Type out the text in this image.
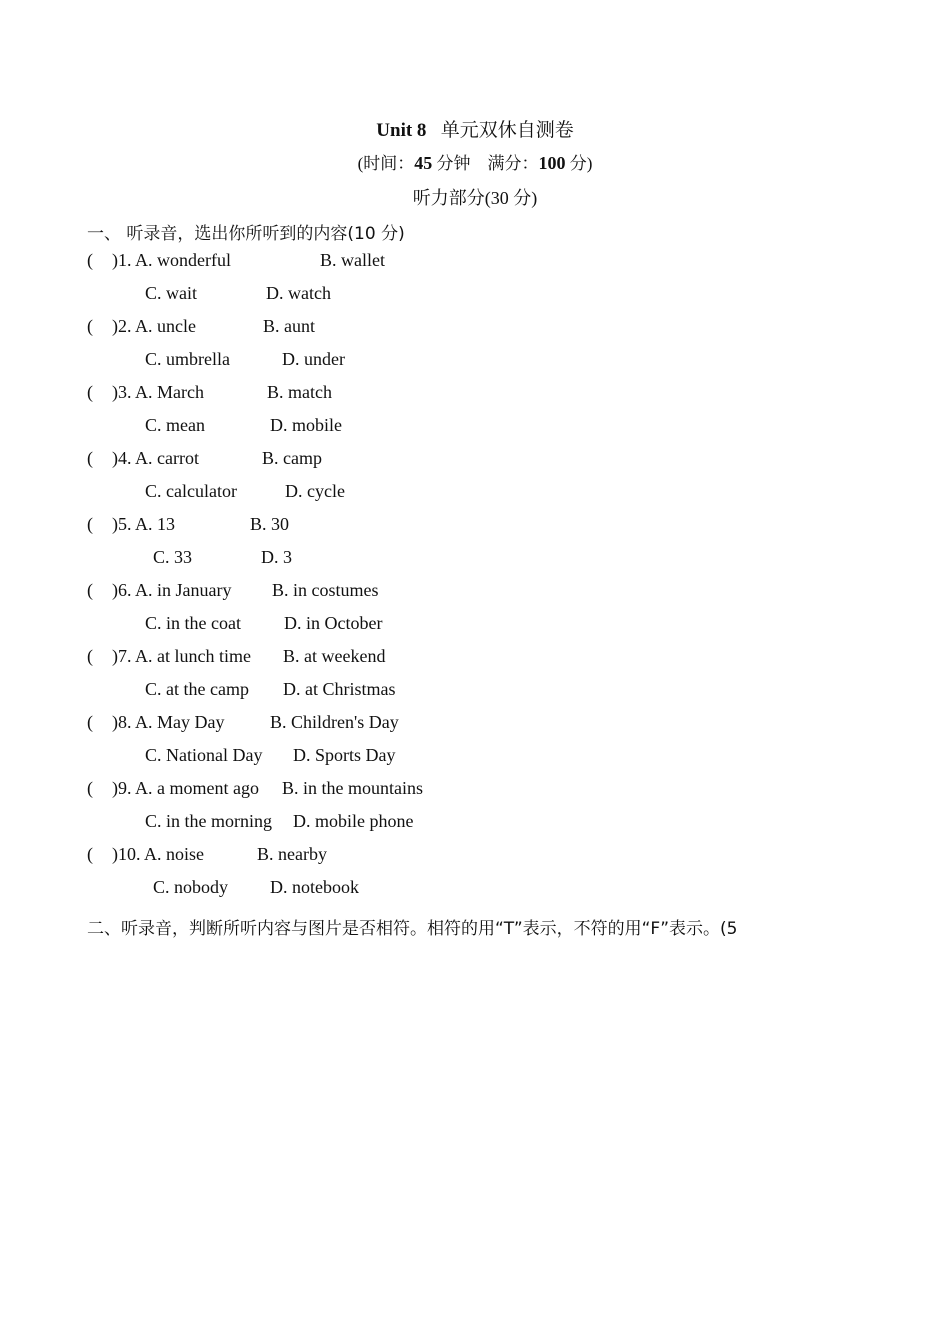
Unit 8 单元双休自测卷
(时间：45 分钟 满分：100 分)
听力部分(30 分)
一、 听录音，选出你所听到的内容(10 分)
( )1. A. wonderful	B. wallet
C. wait	D. watch
( )2. A. uncle	B. aunt
C. umbrella	D. under
( )3. A. March	B. match
C. mean	D. mobile
( )4. A. carrot	B. camp
C. calculator	D. cycle
( )5. A. 13	B. 30
C. 33	D. 3
( )6. A. in January B. in costumes
C. in the coat D. in October
( )7. A. at lunch time B. at weekend
C. at the camp D. at Christmas
( )8. A. May Day	B. Children's Day
C. National Day D. Sports Day
( )9. A. a moment ago B. in the mountains
C. in the morning D. mobile phone
( )10. A. noise	B. nearby
C. nobody D. notebook
二、听录音，判断所听内容与图片是否相符。相符的用“T”表示，不符的用“F”表示。(5
